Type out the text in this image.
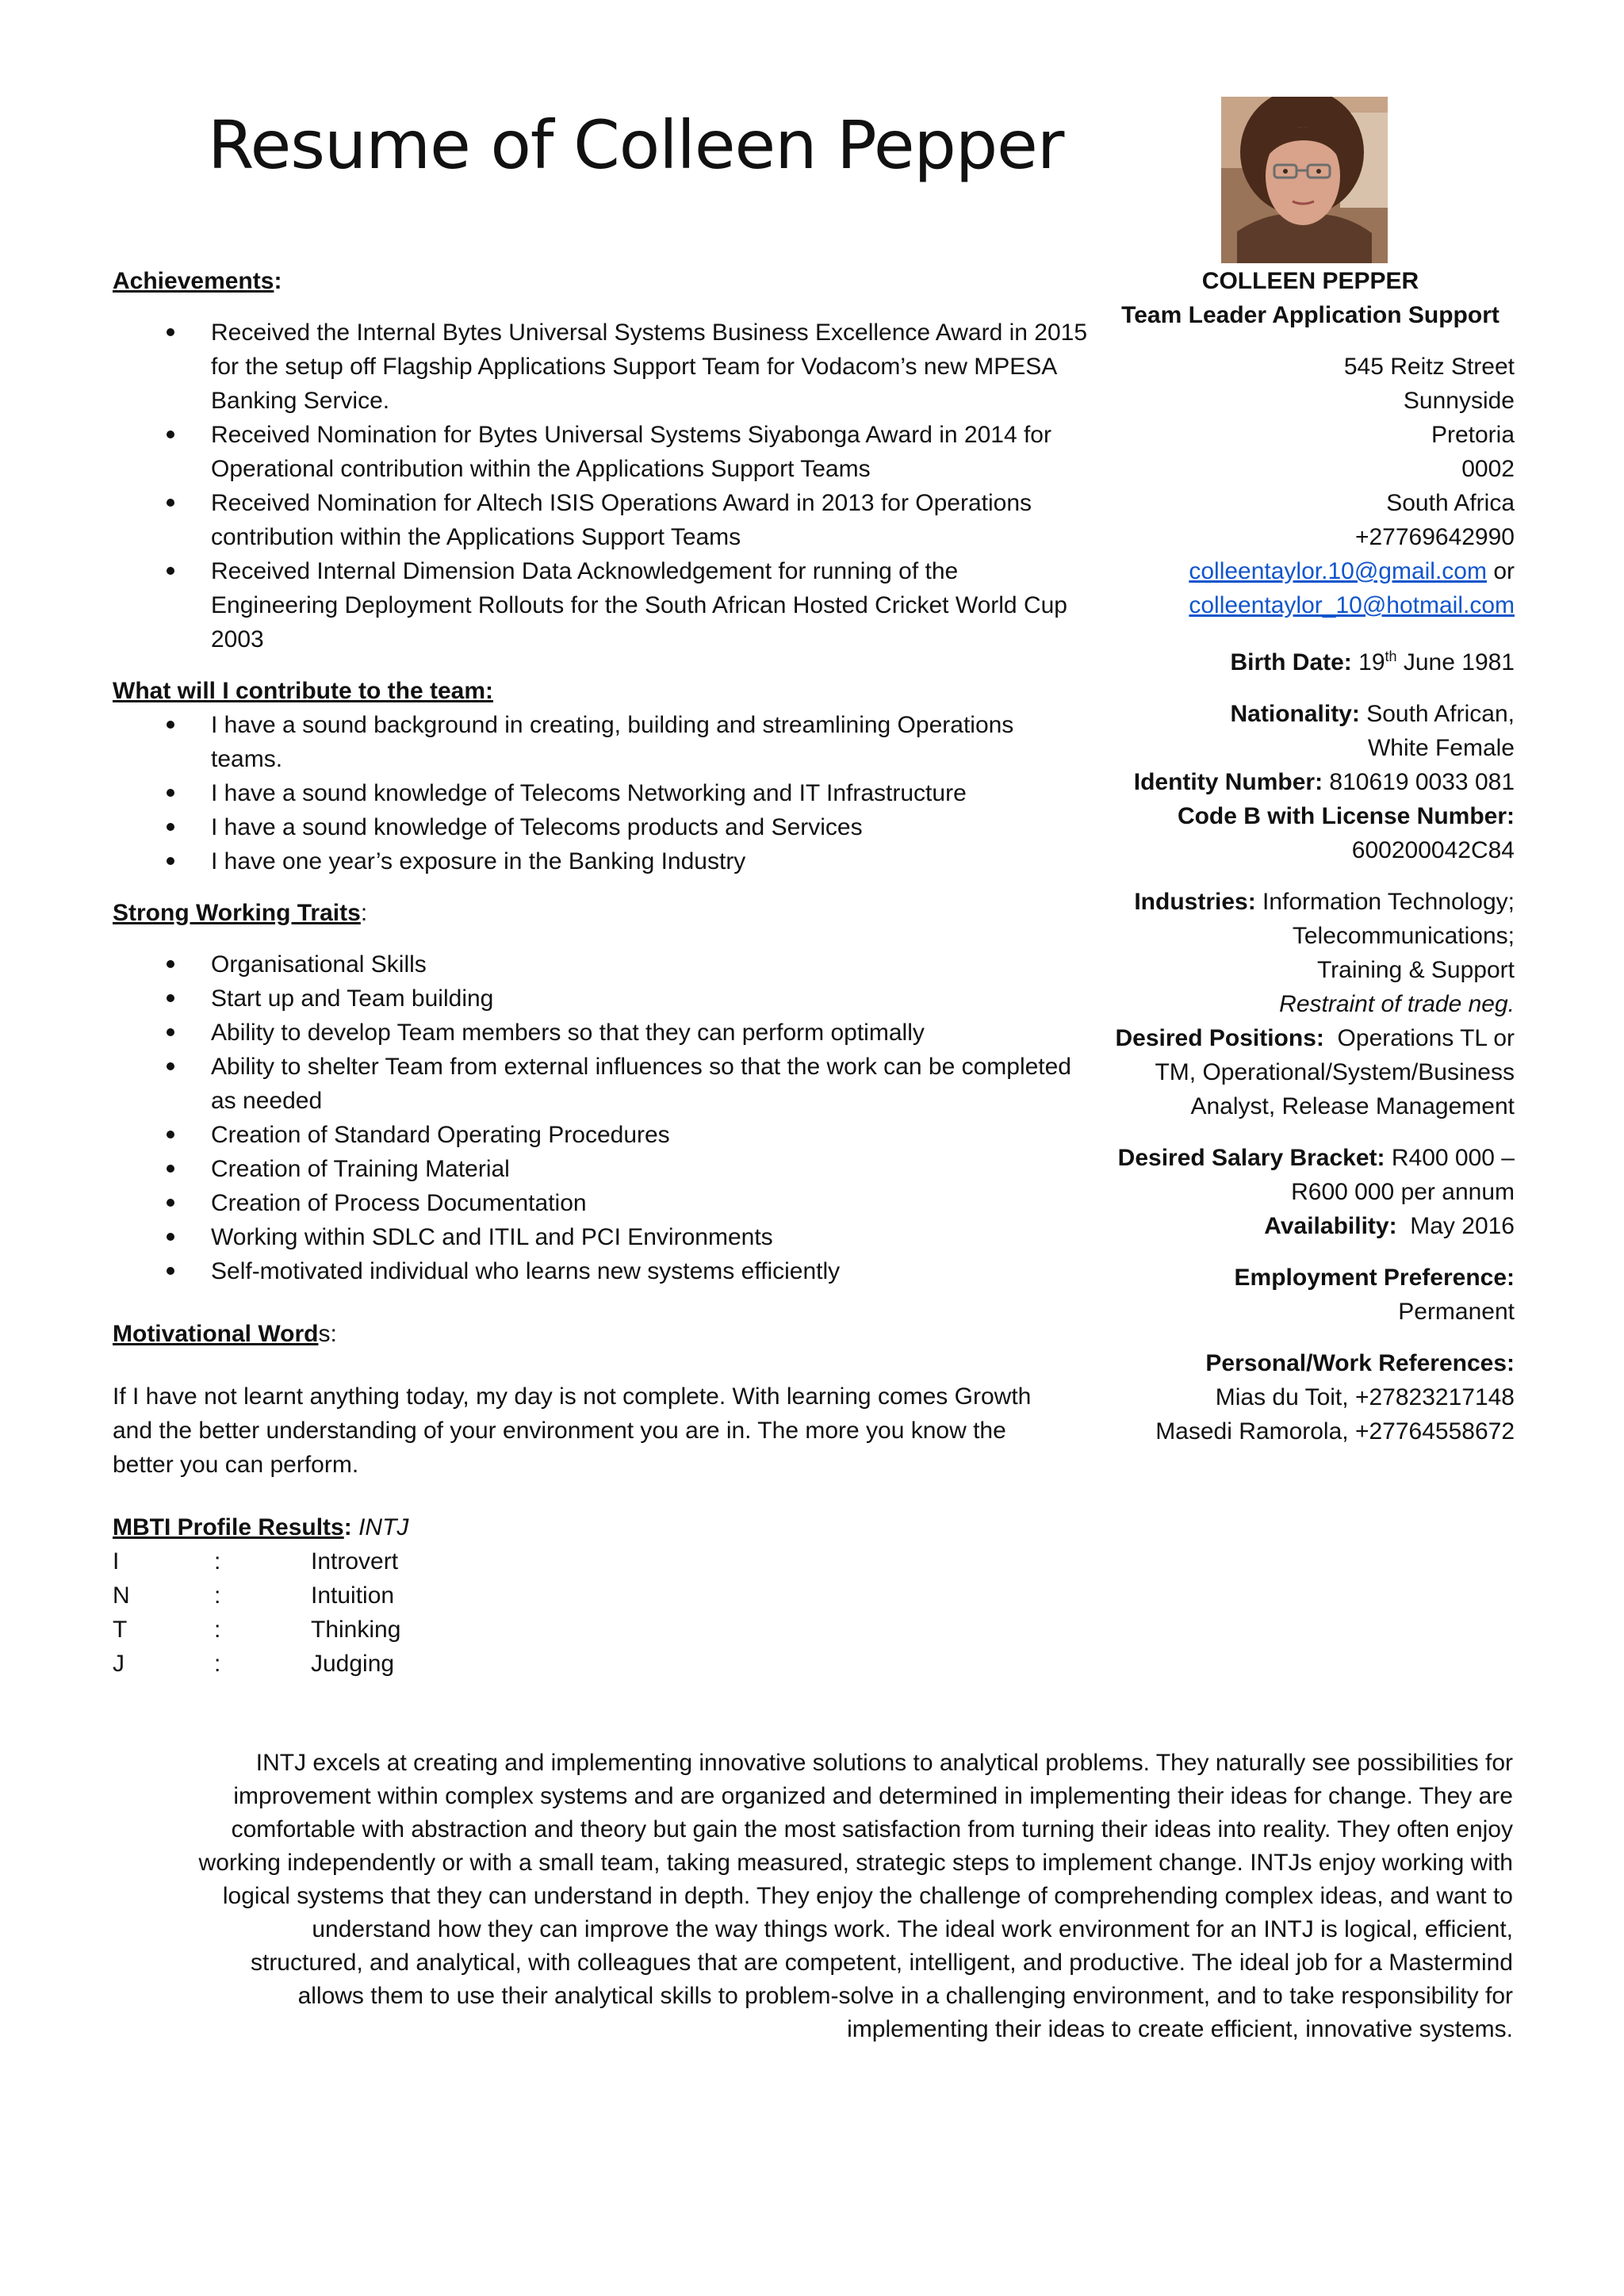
Resume of Colleen Pepper
Achievements:
Received the Internal Bytes Universal Systems Business Excellence Award in 2015 for the setup off Flagship Applications Support Team for Vodacom’s new MPESA Banking Service.
Received Nomination for Bytes Universal Systems Siyabonga Award in 2014 for Operational contribution within the Applications Support Teams
Received Nomination for Altech ISIS Operations Award in 2013 for Operations contribution within the Applications Support Teams
Received Internal Dimension Data Acknowledgement for running of the Engineering Deployment Rollouts for the South African Hosted Cricket World Cup 2003
What will I contribute to the team:
I have a sound background in creating, building and streamlining Operations teams.
I have a sound knowledge of Telecoms Networking and IT Infrastructure
I have a sound knowledge of Telecoms products and Services
I have one year’s exposure in the Banking Industry
Strong Working Traits:
Organisational Skills
Start up and Team building
Ability to develop Team members so that they can perform optimally
Ability to shelter Team from external influences so that the work can be completed as needed
Creation of Standard Operating Procedures
Creation of Training Material
Creation of Process Documentation
Working within SDLC and ITIL and PCI Environments
Self-motivated individual who learns new systems efficiently
Motivational Words:
If I have not learnt anything today, my day is not complete. With learning comes Growth and the better understanding of your environment you are in. The more you know the better you can perform.
MBTI Profile Results: INTJ
I	:	Introvert
N	:	Intuition
T	:	Thinking
J	:	Judging
INTJ excels at creating and implementing innovative solutions to analytical problems. They naturally see possibilities for
improvement within complex systems and are organized and determined in implementing their ideas for change. They are
comfortable with abstraction and theory but gain the most satisfaction from turning their ideas into reality. They often enjoy
working independently or with a small team, taking measured, strategic steps to implement change. INTJs enjoy working with
logical systems that they can understand in depth. They enjoy the challenge of comprehending complex ideas, and want to
understand how they can improve the way things work. The ideal work environment for an INTJ is logical, efficient,
structured, and analytical, with colleagues that are competent, intelligent, and productive. The ideal job for a Mastermind
allows them to use their analytical skills to problem-solve in a challenging environment, and to take responsibility for
implementing their ideas to create efficient, innovative systems.
COLLEEN PEPPER
Team Leader Application Support
545 Reitz Street
Sunnyside
Pretoria
0002
South Africa
+27769642990
colleentaylor.10@gmail.com or
colleentaylor_10@hotmail.com
Birth Date: 19th June 1981
Nationality: South African,
White Female
Identity Number: 810619 0033 081
Code B with License Number:
600200042C84
Industries: Information Technology;
Telecommunications;
Training & Support
Restraint of trade neg.
Desired Positions:  Operations TL or
TM, Operational/System/Business
Analyst, Release Management
Desired Salary Bracket: R400 000 –
R600 000 per annum
Availability:  May 2016
Employment Preference:
Permanent
Personal/Work References:
Mias du Toit, +27823217148
Masedi Ramorola, +27764558672
